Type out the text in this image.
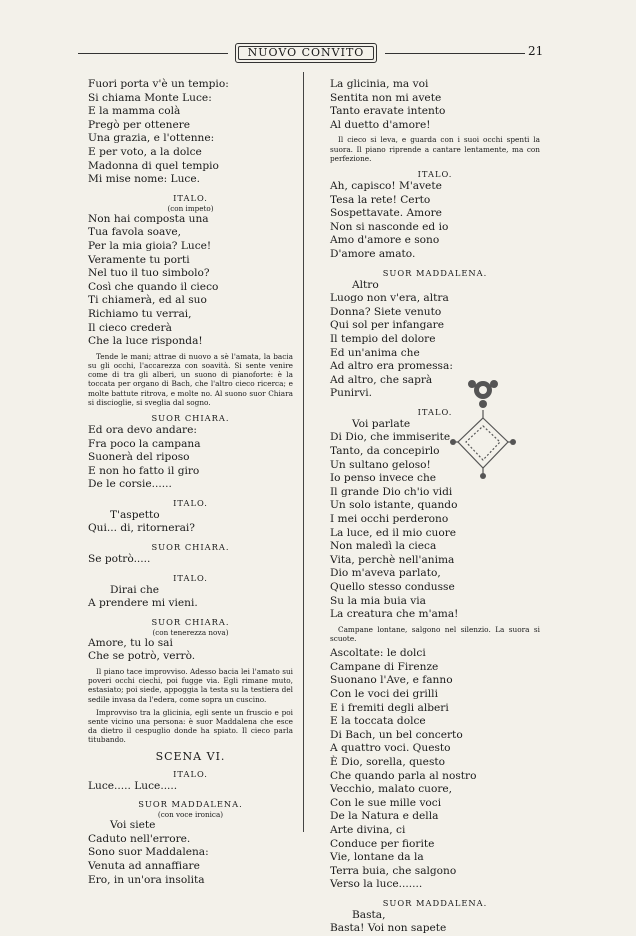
NUOVO CONVITO	21
Fuori porta v'è un tempio:
Si chiama Monte Luce:
E la mamma colà
Pregò per ottenere
Una grazia, e l'ottenne:
E per voto, a la dolce
Madonna di quel tempio
Mi mise nome: Luce.
ITALO.
(con impeto)
Non hai composta una
Tua favola soave,
Per la mia gioia? Luce!
Veramente tu porti
Nel tuo il tuo simbolo?
Così che quando il cieco
Ti chiamerà, ed al suo
Richiamo tu verrai,
Il cieco crederà
Che la luce risponda!
Tende le mani; attrae di nuovo a sè l'amata, la bacia su gli occhi, l'accarezza con soavità. Si sente venire come di tra gli alberi, un suono di pianoforte: è la toccata per organo di Bach, che l'altro cieco ricerca; e molte battute ritrova, e molte no. Al suono suor Chiara si discioglie, si sveglia dal sogno.
SUOR CHIARA.
Ed ora devo andare:
Fra poco la campana
Suonerà del riposo
E non ho fatto il giro
De le corsie......
ITALO.
T'aspetto
Qui... di, ritornerai?
SUOR CHIARA.
Se potrò.....
ITALO.
Dirai che
A prendere mi vieni.
SUOR CHIARA.
(con tenerezza nova)
Amore, tu lo sai
Che se potrò, verrò.
Il piano tace improvviso. Adesso bacia lei l'amato sui poveri occhi ciechi, poi fugge via. Egli rimane muto, estasiato; poi siede, appoggia la testa su la testiera del sedile invasa da l'edera, come sopra un cuscino.
Improvviso tra la glicinia, egli sente un fruscio e poi sente vicino una persona: è suor Maddalena che esce da dietro il cespuglio donde ha spiato. Il cieco parla titubando.
SCENA VI.
ITALO.
Luce..... Luce.....
SUOR MADDALENA.
(con voce ironica)
Voi siete
Caduto nell'errore.
Sono suor Maddalena:
Venuta ad annaffiare
Ero, in un'ora insolita
La glicinia, ma voi
Sentita non mi avete
Tanto eravate intento
Al duetto d'amore!
Il cieco si leva, e guarda con i suoi occhi spenti la suora. Il piano riprende a cantare lentamente, ma con perfezione.
ITALO.
Ah, capisco! M'avete
Tesa la rete! Certo
Sospettavate. Amore
Non si nasconde ed io
Amo d'amore e sono
D'amore amato.
SUOR MADDALENA.
Altro
Luogo non v'era, altra
Donna? Siete venuto
Qui sol per infangare
Il tempio del dolore
Ed un'anima che
Ad altro era promessa:
Ad altro, che saprà
Punirvi.
ITALO.
Voi parlate
Di Dio, che immiserite
Tanto, da concepirlo
Un sultano geloso!
Io penso invece che
Il grande Dio ch'io vidi
Un solo istante, quando
I mei occhi perderono
La luce, ed il mio cuore
Non maledì la cieca
Vita, perchè nell'anima
Dio m'aveva parlato,
Quello stesso condusse
Su la mia buia via
La creatura che m'ama!
Campane lontane, salgono nel silenzio. La suora si scuote.
Ascoltate: le dolci
Campane di Firenze
Suonano l'Ave, e fanno
Con le voci dei grilli
E i fremiti degli alberi
E la toccata dolce
Di Bach, un bel concerto
A quattro voci. Questo
È Dio, sorella, questo
Che quando parla al nostro
Vecchio, malato cuore,
Con le sue mille voci
De la Natura e della
Arte divina, ci
Conduce per fiorite
Vie, lontane da la
Terra buia, che salgono
Verso la luce.......
SUOR MADDALENA.
Basta,
Basta! Voi non sapete
